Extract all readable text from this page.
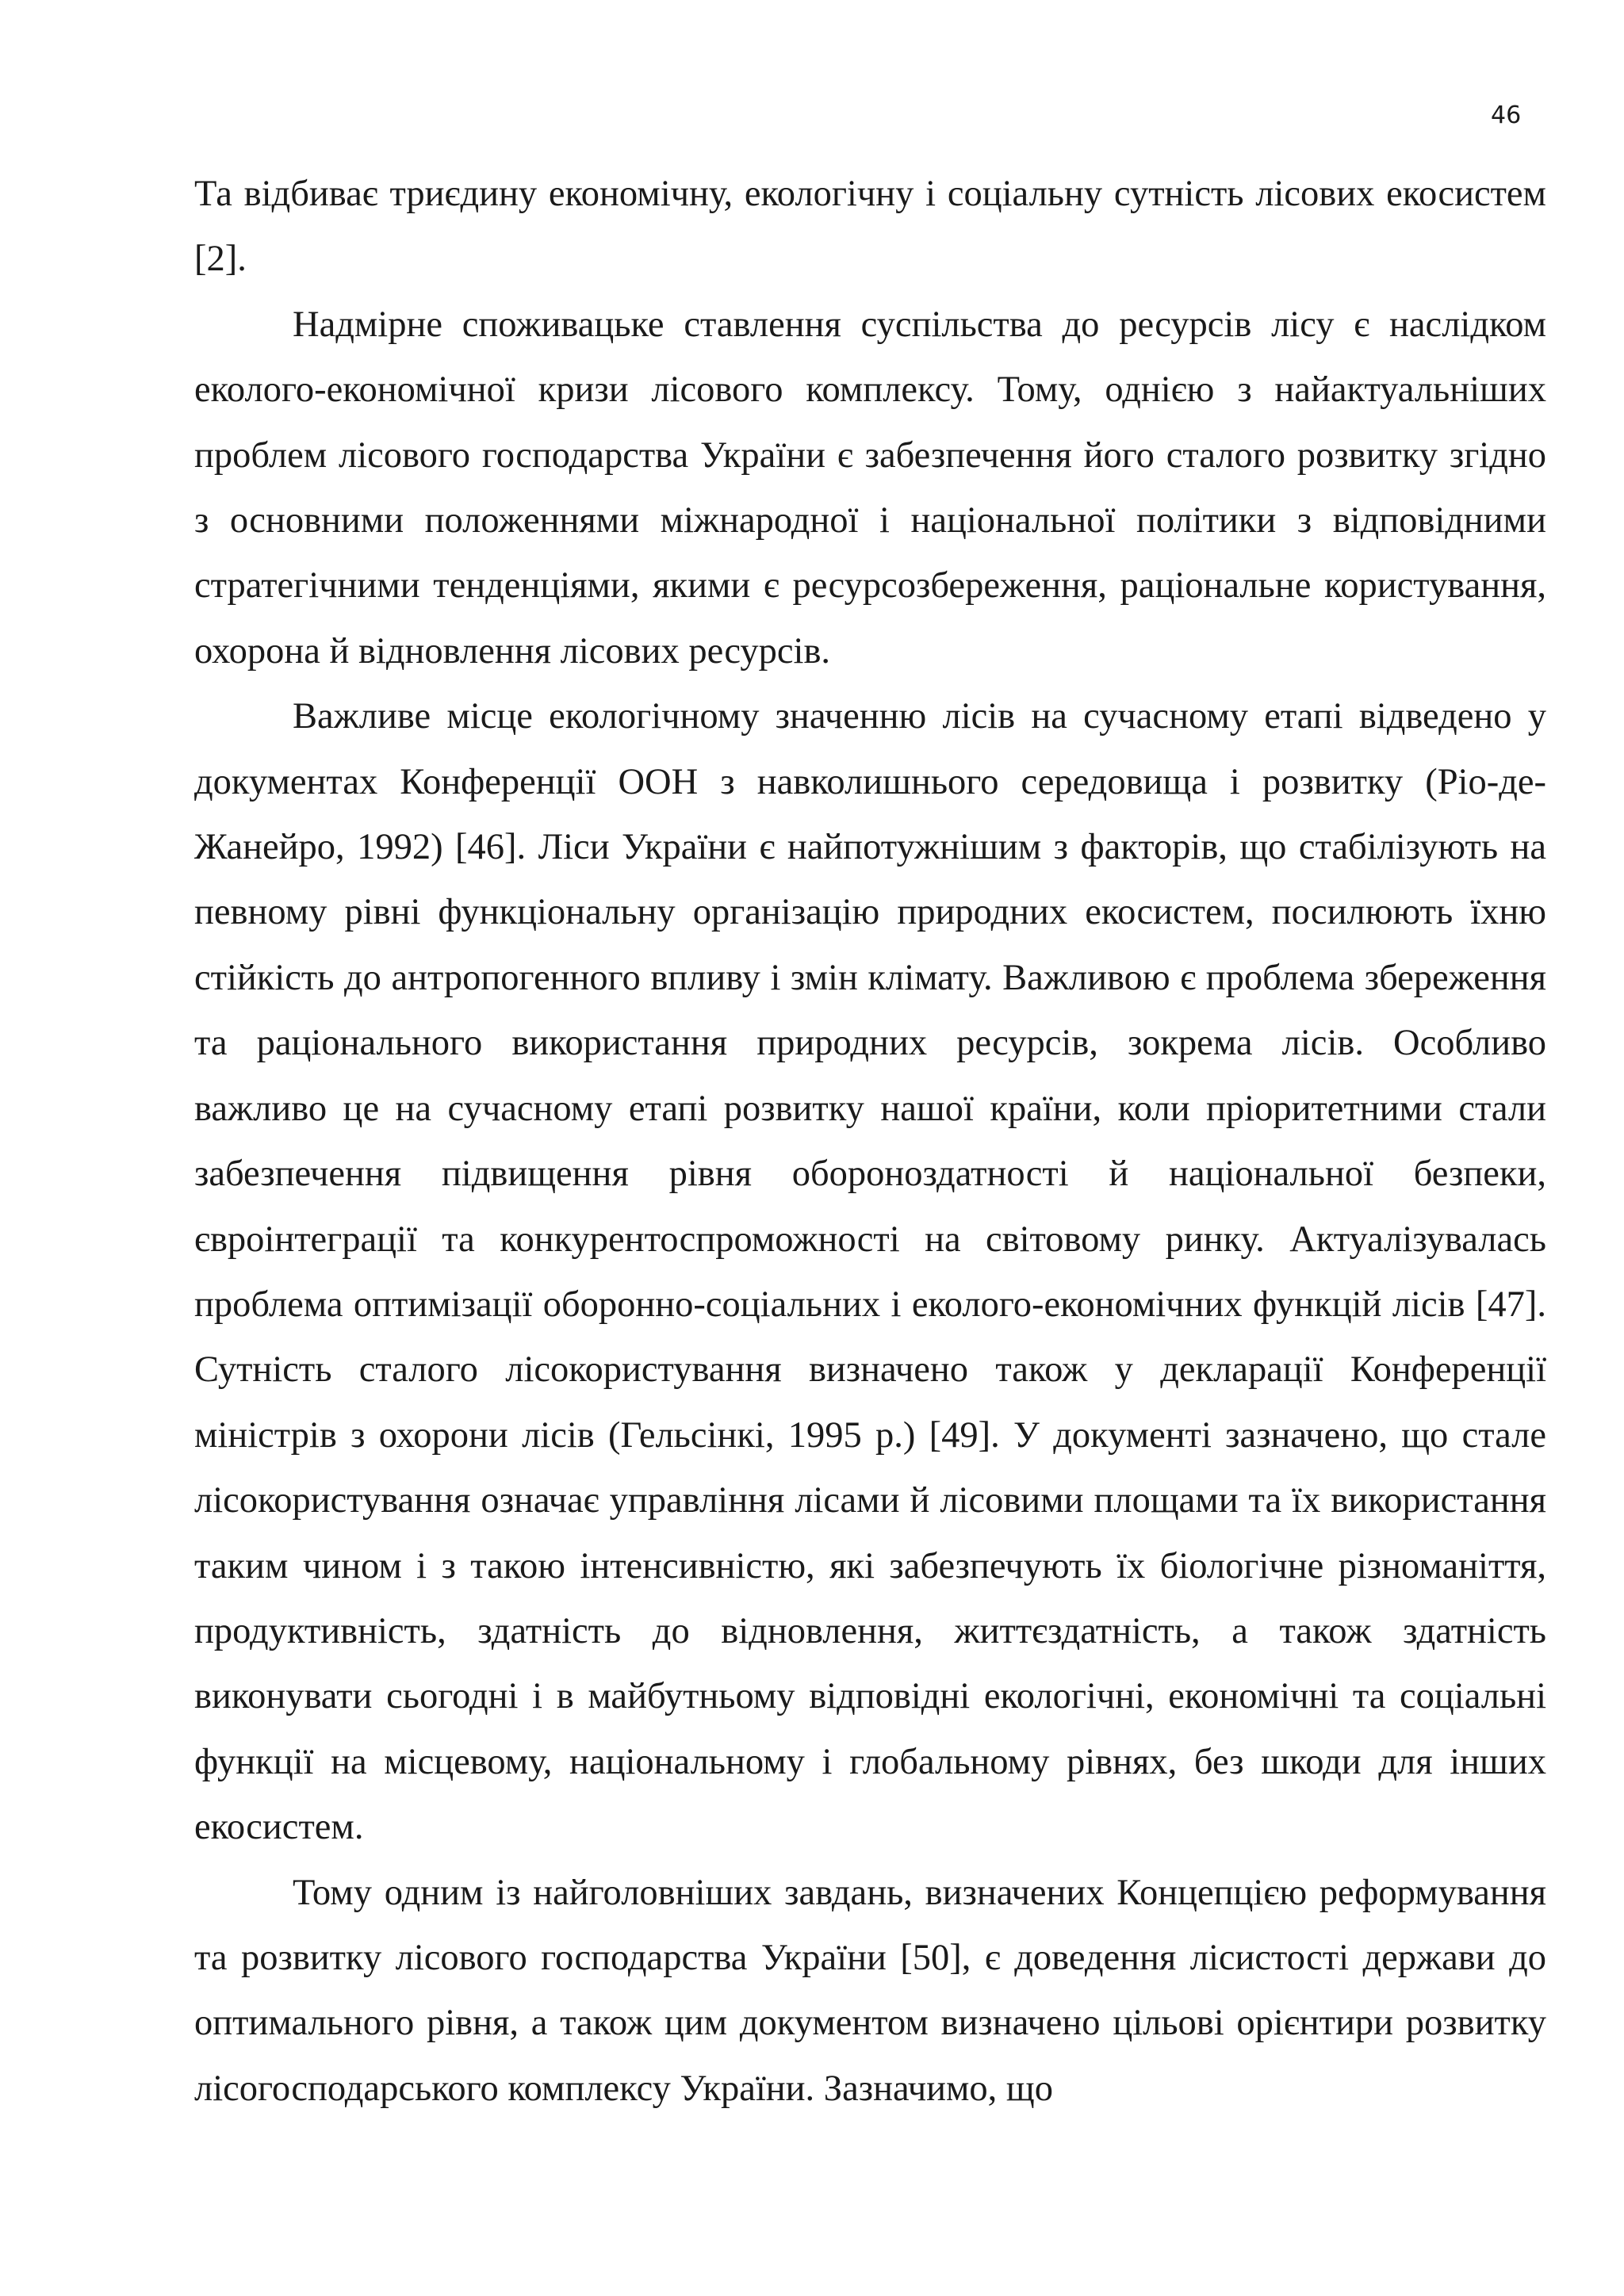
46

Та відбиває триєдину економічну, екологічну і соціальну сутність лісових екосистем [2].

Надмірне споживацьке ставлення суспільства до ресурсів лісу є наслідком еколого-економічної кризи лісового комплексу. Тому, однією з найактуальніших проблем лісового господарства України є забезпечення його сталого розвитку згідно з основними положеннями міжнародної і національної політики з відповідними стратегічними тенденціями, якими є ресурсозбереження, раціональне користування, охорона й відновлення лісових ресурсів.

Важливе місце екологічному значенню лісів на сучасному етапі відведено у документах Конференції ООН з навколишнього середовища і розвитку (Ріо-де-Жанейро, 1992) [46]. Ліси України є найпотужнішим з факторів, що стабілізують на певному рівні функціональну організацію природних екосистем, посилюють їхню стійкість до антропогенного впливу і змін клімату. Важливою є проблема збереження та раціонального використання природних ресурсів, зокрема лісів. Особливо важливо це на сучасному етапі розвитку нашої країни, коли пріоритетними стали забезпечення підвищення рівня обороноздатності й національної безпеки, євроінтеграції та конкурентоспроможності на світовому ринку. Актуалізувалась проблема оптимізації оборонно-соціальних і еколого-економічних функцій лісів [47]. Сутність сталого лісокористування визначено також у декларації Конференції міністрів з охорони лісів (Гельсінкі, 1995 р.) [49]. У документі зазначено, що стале лісокористування означає управління лісами й лісовими площами та їх використання таким чином і з такою інтенсивністю, які забезпечують їх біологічне різноманіття, продуктивність, здатність до відновлення, життєздатність, а також здатність виконувати сьогодні і в майбутньому відповідні екологічні, економічні та соціальні функції на місцевому, національному і глобальному рівнях, без шкоди для інших екосистем.

Тому одним із найголовніших завдань, визначених Концепцією реформування та розвитку лісового господарства України [50], є доведення лісистості держави до оптимального рівня, а також цим документом визначено цільові орієнтири розвитку лісогосподарського комплексу України. Зазначимо, що
